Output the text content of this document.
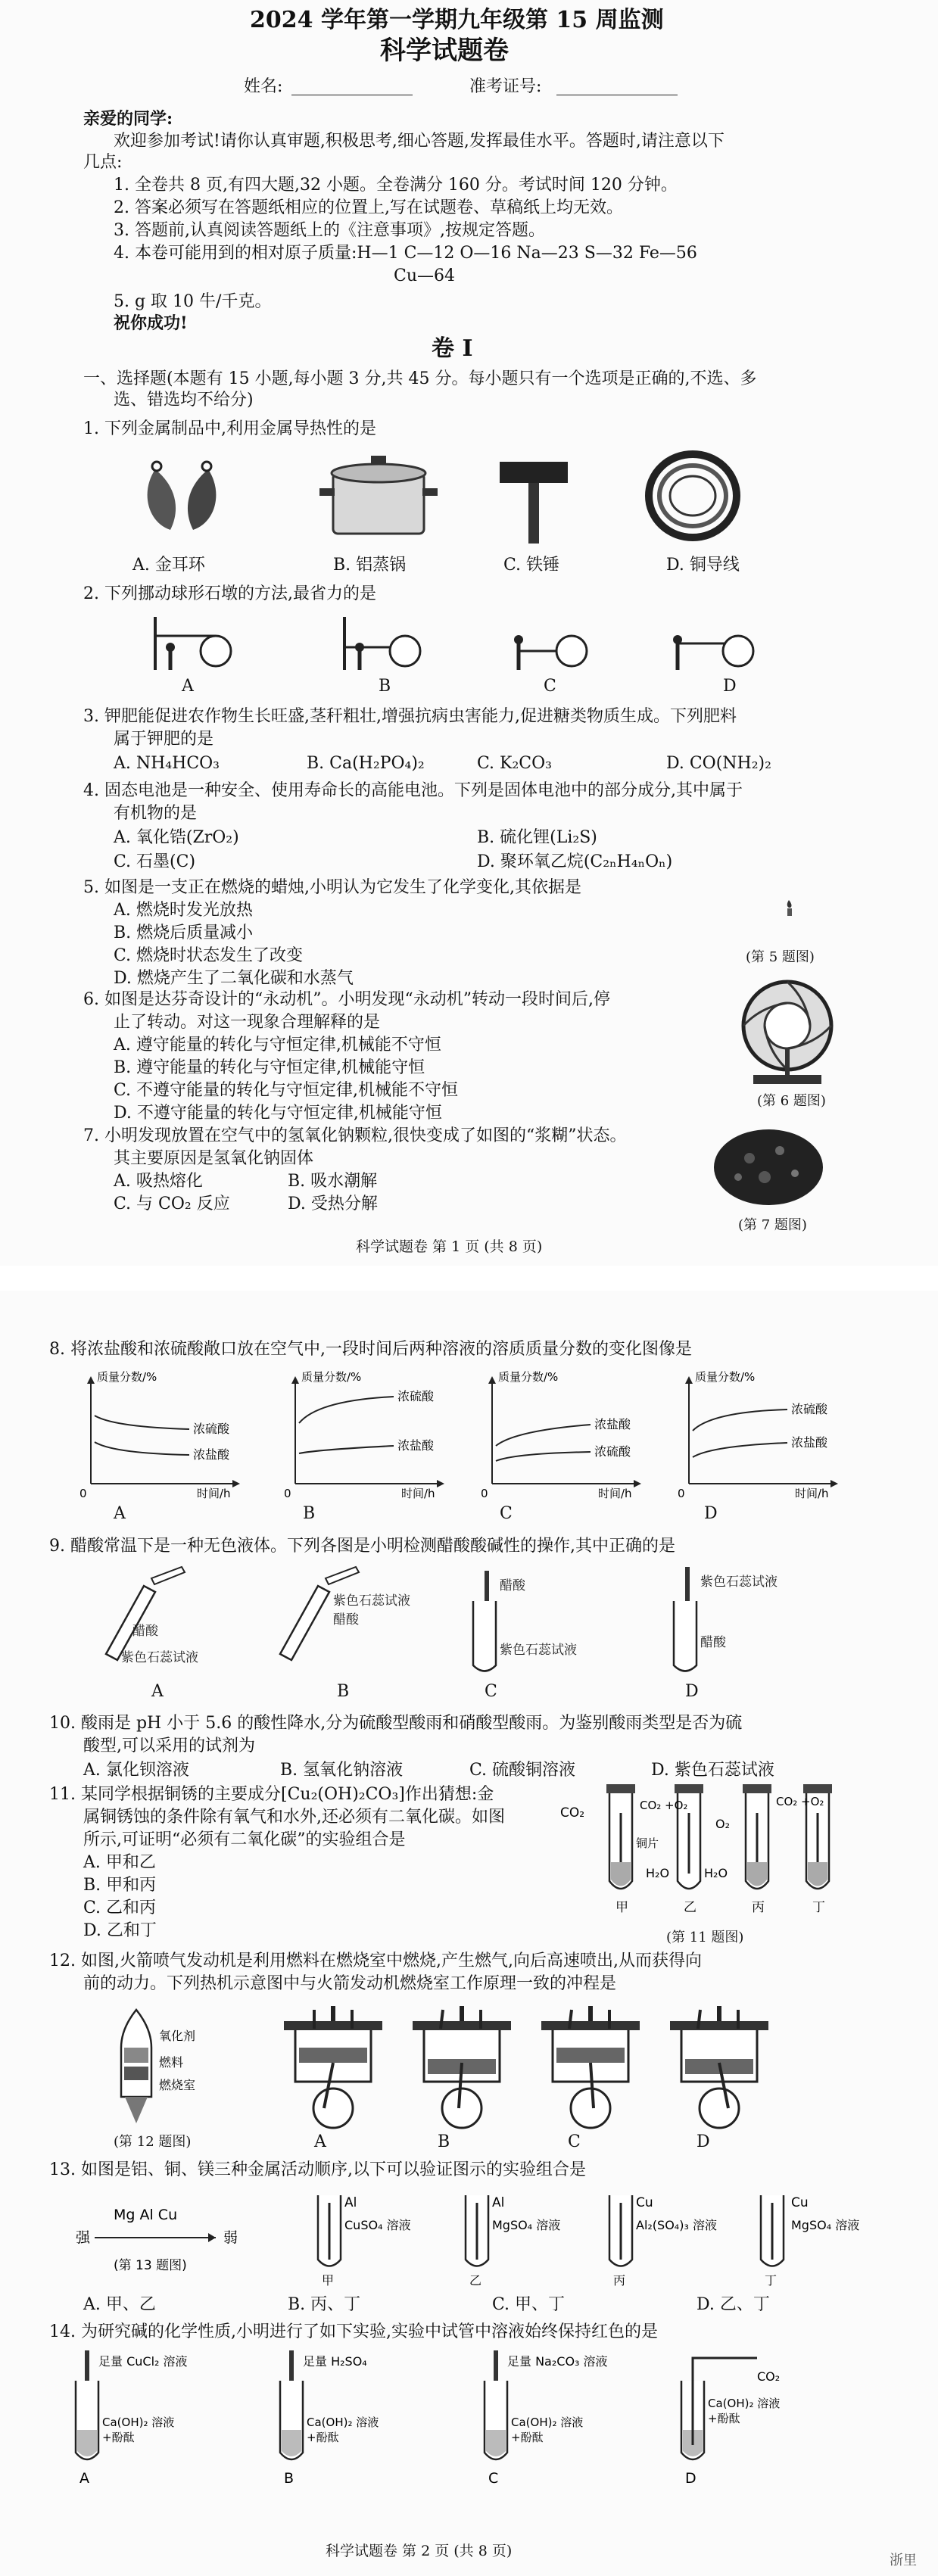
2024 学年第一学期九年级第 15 周监测
科学试题卷
姓名:	准考证号:
亲爱的同学:
欢迎参加考试!请你认真审题,积极思考,细心答题,发挥最佳水平。答题时,请注意以下
几点:
1. 全卷共 8 页,有四大题,32 小题。全卷满分 160 分。考试时间 120 分钟。
2. 答案必须写在答题纸相应的位置上,写在试题卷、草稿纸上均无效。
3. 答题前,认真阅读答题纸上的《注意事项》,按规定答题。
4. 本卷可能用到的相对原子质量:H—1 C—12 O—16 Na—23 S—32 Fe—56
Cu—64
5. g 取 10 牛/千克。
祝你成功!
卷 Ⅰ
一、选择题(本题有 15 小题,每小题 3 分,共 45 分。每小题只有一个选项是正确的,不选、多
选、错选均不给分)
1. 下列金属制品中,利用金属导热性的是
A. 金耳环	B. 铝蒸锅	C. 铁锤	D. 铜导线
2. 下列挪动球形石墩的方法,最省力的是
A	B	C	D
3. 钾肥能促进农作物生长旺盛,茎秆粗壮,增强抗病虫害能力,促进糖类物质生成。下列肥料
属于钾肥的是
A. NH₄HCO₃	B. Ca(H₂PO₄)₂	C. K₂CO₃	D. CO(NH₂)₂
4. 固态电池是一种安全、使用寿命长的高能电池。下列是固体电池中的部分成分,其中属于
有机物的是
A. 氧化锆(ZrO₂)	B. 硫化锂(Li₂S)
C. 石墨(C)	D. 聚环氧乙烷(C₂ₙH₄ₙOₙ)
5. 如图是一支正在燃烧的蜡烛,小明认为它发生了化学变化,其依据是
A. 燃烧时发光放热
B. 燃烧后质量减小
C. 燃烧时状态发生了改变
D. 燃烧产生了二氧化碳和水蒸气
(第 5 题图)
6. 如图是达芬奇设计的“永动机”。小明发现“永动机”转动一段时间后,停
止了转动。对这一现象合理解释的是
A. 遵守能量的转化与守恒定律,机械能不守恒
B. 遵守能量的转化与守恒定律,机械能守恒
C. 不遵守能量的转化与守恒定律,机械能不守恒
D. 不遵守能量的转化与守恒定律,机械能守恒
(第 6 题图)
7. 小明发现放置在空气中的氢氧化钠颗粒,很快变成了如图的“浆糊”状态。
其主要原因是氢氧化钠固体
A. 吸热熔化	B. 吸水潮解
C. 与 CO₂ 反应	D. 受热分解
(第 7 题图)
科学试题卷 第 1 页 (共 8 页)
8. 将浓盐酸和浓硫酸敞口放在空气中,一段时间后两种溶液的溶质质量分数的变化图像是
质量分数/%
时间/h
0
浓硫酸
浓盐酸
质量分数/%
时间/h
0
浓硫酸
浓盐酸
质量分数/%
时间/h
0
浓盐酸
浓硫酸
质量分数/%
时间/h
0
浓硫酸
浓盐酸
A	B	C	D
9. 醋酸常温下是一种无色液体。下列各图是小明检测醋酸酸碱性的操作,其中正确的是
醋酸
紫色石蕊试液
紫色石蕊试液
醋酸
醋酸
紫色石蕊试液
紫色石蕊试液
醋酸
A	B	C	D
10. 酸雨是 pH 小于 5.6 的酸性降水,分为硫酸型酸雨和硝酸型酸雨。为鉴别酸雨类型是否为硫
酸型,可以采用的试剂为
A. 氯化钡溶液	B. 氢氧化钠溶液	C. 硫酸铜溶液	D. 紫色石蕊试液
11. 某同学根据铜锈的主要成分[Cu₂(OH)₂CO₃]作出猜想:金
属铜锈蚀的条件除有氧气和水外,还必须有二氧化碳。如图
所示,可证明“必须有二氧化碳”的实验组合是
A. 甲和乙
B. 甲和丙
C. 乙和丙
D. 乙和丁
CO₂	CO₂ +O₂
铜片
H₂O	H₂O
O₂
CO₂ +O₂
甲	乙	丙	丁
(第 11 题图)
12. 如图,火箭喷气发动机是利用燃料在燃烧室中燃烧,产生燃气,向后高速喷出,从而获得向
前的动力。下列热机示意图中与火箭发动机燃烧室工作原理一致的冲程是
氧化剂
燃料
燃烧室
(第 12 题图)	A	B	C	D
13. 如图是铝、铜、镁三种金属活动顺序,以下可以验证图示的实验组合是
Mg Al Cu
强	弱
(第 13 题图)
Al
CuSO₄ 溶液
甲
Al
MgSO₄ 溶液
乙
Cu
Al₂(SO₄)₃ 溶液
丙
Cu
MgSO₄ 溶液
丁
A. 甲、乙	B. 丙、丁	C. 甲、丁	D. 乙、丁
14. 为研究碱的化学性质,小明进行了如下实验,实验中试管中溶液始终保持红色的是
足量 CuCl₂ 溶液
Ca(OH)₂ 溶液
+酚酞
A
足量 H₂SO₄
Ca(OH)₂ 溶液
+酚酞
B
足量 Na₂CO₃ 溶液
Ca(OH)₂ 溶液
+酚酞
C
CO₂
Ca(OH)₂ 溶液
+酚酞
D
科学试题卷 第 2 页 (共 8 页)
浙里
